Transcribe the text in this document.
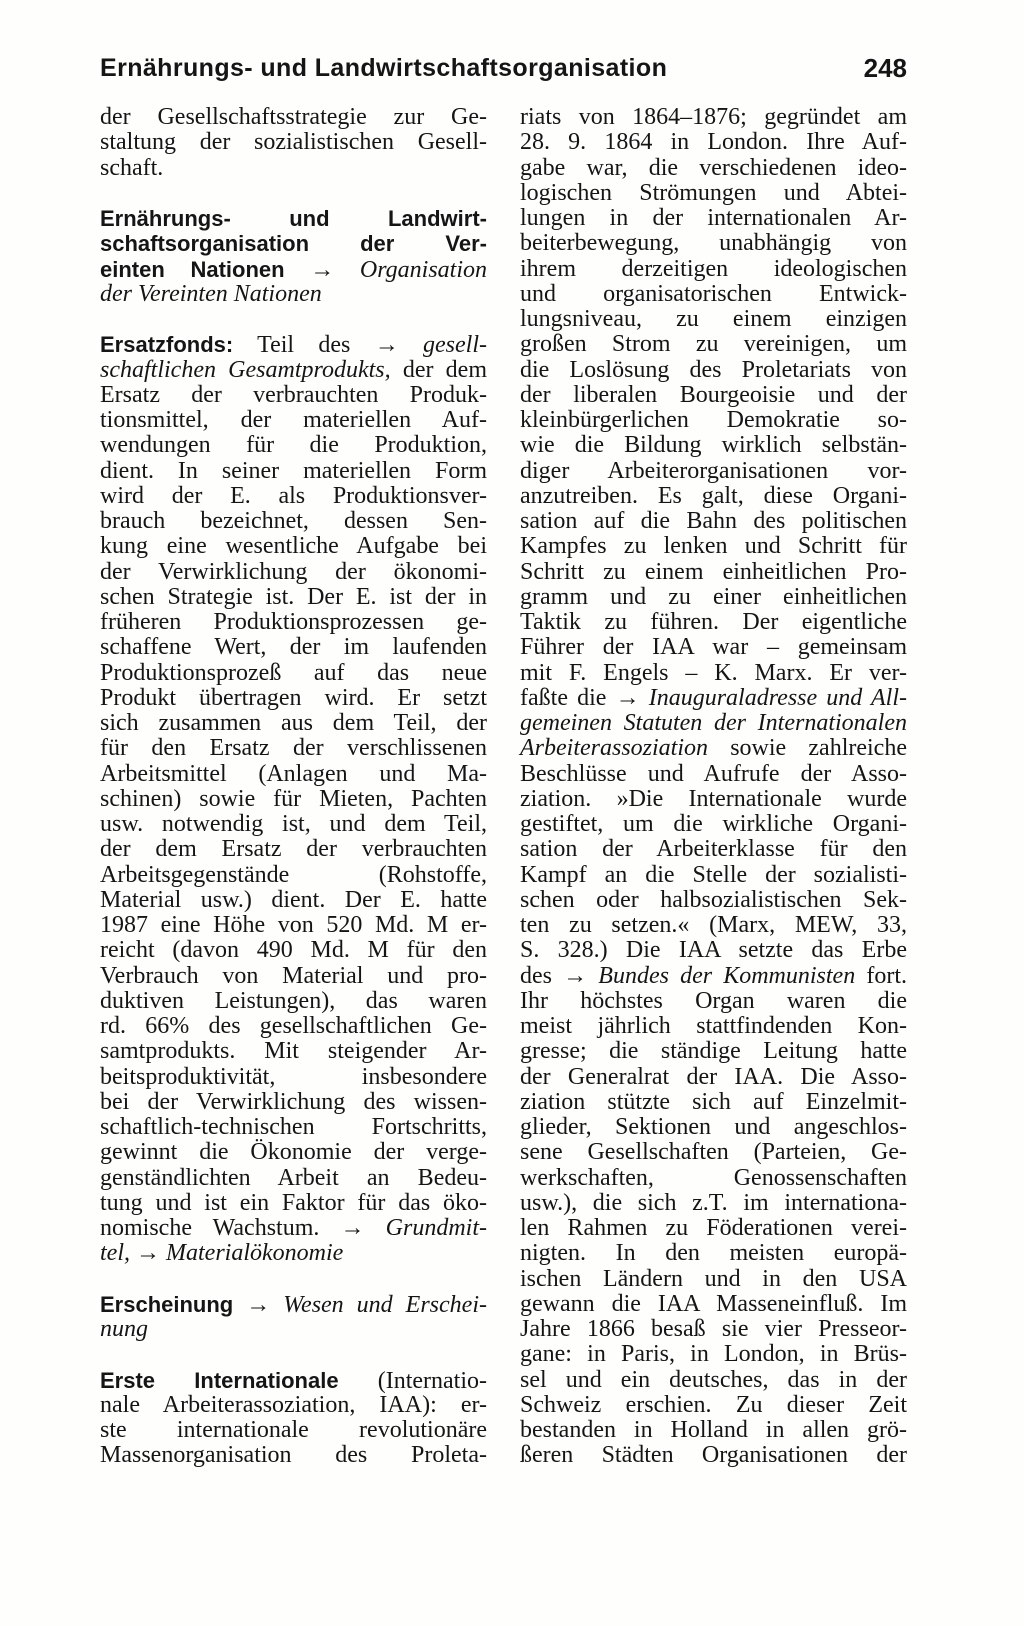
Ernährungs- und Landwirtschaftsorganisation	248
der Gesellschaftsstrategie zur Ge-
staltung der sozialistischen Gesell-
schaft.
Ernährungs- und Landwirt-
schaftsorganisation der Ver-
einten Nationen → Organisation
der Vereinten Nationen
Ersatzfonds: Teil des → gesell-
schaftlichen Gesamtprodukts, der dem
Ersatz der verbrauchten Produk-
tionsmittel, der materiellen Auf-
wendungen für die Produktion,
dient. In seiner materiellen Form
wird der E. als Produktionsver-
brauch bezeichnet, dessen Sen-
kung eine wesentliche Aufgabe bei
der Verwirklichung der ökonomi-
schen Strategie ist. Der E. ist der in
früheren Produktionsprozessen ge-
schaffene Wert, der im laufenden
Produktionsprozeß auf das neue
Produkt übertragen wird. Er setzt
sich zusammen aus dem Teil, der
für den Ersatz der verschlissenen
Arbeitsmittel (Anlagen und Ma-
schinen) sowie für Mieten, Pachten
usw. notwendig ist, und dem Teil,
der dem Ersatz der verbrauchten
Arbeitsgegenstände (Rohstoffe,
Material usw.) dient. Der E. hatte
1987 eine Höhe von 520 Md. M er-
reicht (davon 490 Md. M für den
Verbrauch von Material und pro-
duktiven Leistungen), das waren
rd. 66% des gesellschaftlichen Ge-
samtprodukts. Mit steigender Ar-
beitsproduktivität, insbesondere
bei der Verwirklichung des wissen-
schaftlich-technischen Fortschritts,
gewinnt die Ökonomie der verge-
genständlichten Arbeit an Bedeu-
tung und ist ein Faktor für das öko-
nomische Wachstum. → Grundmit-
tel, → Materialökonomie
Erscheinung → Wesen und Erschei-
nung
Erste Internationale (Internatio-
nale Arbeiterassoziation, IAA): er-
ste internationale revolutionäre
Massenorganisation des Proleta-
riats von 1864–1876; gegründet am
28. 9. 1864 in London. Ihre Auf-
gabe war, die verschiedenen ideo-
logischen Strömungen und Abtei-
lungen in der internationalen Ar-
beiterbewegung, unabhängig von
ihrem derzeitigen ideologischen
und organisatorischen Entwick-
lungsniveau, zu einem einzigen
großen Strom zu vereinigen, um
die Loslösung des Proletariats von
der liberalen Bourgeoisie und der
kleinbürgerlichen Demokratie so-
wie die Bildung wirklich selbstän-
diger Arbeiterorganisationen vor-
anzutreiben. Es galt, diese Organi-
sation auf die Bahn des politischen
Kampfes zu lenken und Schritt für
Schritt zu einem einheitlichen Pro-
gramm und zu einer einheitlichen
Taktik zu führen. Der eigentliche
Führer der IAA war – gemeinsam
mit F. Engels – K. Marx. Er ver-
faßte die → Inauguraladresse und All-
gemeinen Statuten der Internationalen
Arbeiterassoziation sowie zahlreiche
Beschlüsse und Aufrufe der Asso-
ziation. »Die Internationale wurde
gestiftet, um die wirkliche Organi-
sation der Arbeiterklasse für den
Kampf an die Stelle der sozialisti-
schen oder halbsozialistischen Sek-
ten zu setzen.« (Marx, MEW, 33,
S. 328.) Die IAA setzte das Erbe
des → Bundes der Kommunisten fort.
Ihr höchstes Organ waren die
meist jährlich stattfindenden Kon-
gresse; die ständige Leitung hatte
der Generalrat der IAA. Die Asso-
ziation stützte sich auf Einzelmit-
glieder, Sektionen und angeschlos-
sene Gesellschaften (Parteien, Ge-
werkschaften, Genossenschaften
usw.), die sich z.T. im internationa-
len Rahmen zu Föderationen verei-
nigten. In den meisten europä-
ischen Ländern und in den USA
gewann die IAA Masseneinfluß. Im
Jahre 1866 besaß sie vier Presseor-
gane: in Paris, in London, in Brüs-
sel und ein deutsches, das in der
Schweiz erschien. Zu dieser Zeit
bestanden in Holland in allen grö-
ßeren Städten Organisationen der
